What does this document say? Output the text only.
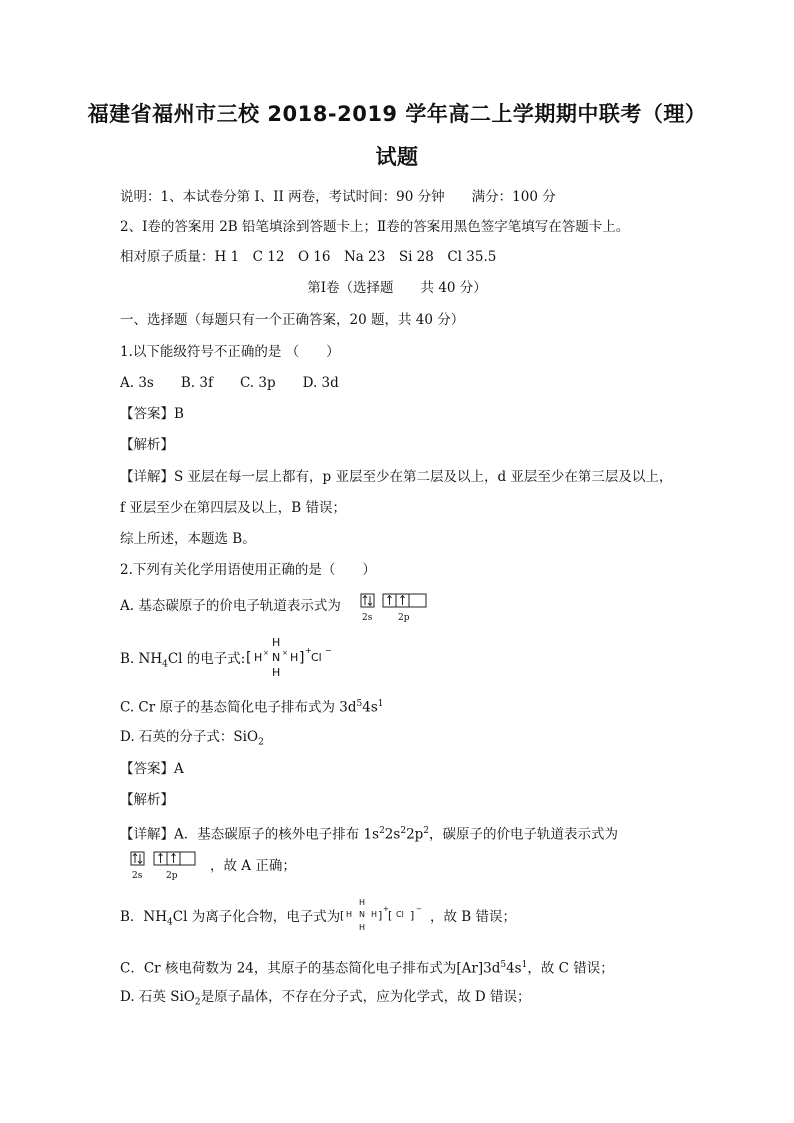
福建省福州市三校 2018-2019 学年高二上学期期中联考（理）
试题
说明：1、本试卷分第 I、II 两卷，考试时间：90 分钟　　满分：100 分
2、Ⅰ卷的答案用 2B 铅笔填涂到答题卡上；Ⅱ卷的答案用黑色签字笔填写在答题卡上。
相对原子质量：H 1　C 12　O 16　Na 23　Si 28　Cl 35.5
第Ⅰ卷（选择题　　共 40 分）
一、选择题（每题只有一个正确答案，20 题，共 40 分）
1.以下能级符号不正确的是 （　　）
A. 3s　　B. 3f　　C. 3p　　D. 3d
【答案】B
【解析】
【详解】S 亚层在每一层上都有，p 亚层至少在第二层及以上，d 亚层至少在第三层及以上，
f 亚层至少在第四层及以上，B 错误；
综上所述，本题选 B。
2.下列有关化学用语使用正确的是（　　）
A. 基态碳原子的价电子轨道表示式为
2s	2p
B. $NH_4Cl$ 的电子式: [ H ×
H
N
H
× H ] +
Cl
−
C. Cr 原子的基态简化电子排布式为 $3d^54s^1$
D. 石英的分子式：SiO$_2$
【答案】A
【解析】
【详解】A．基态碳原子的核外电子排布 $1s^22s^22p^2$，碳原子的价电子轨道表示式为
2s	2p
，故 A 正确；
B．$NH_4Cl$ 为离子化合物，电子式为 [ H
H
N
H
H ] + [ Cl ] − ，故 B 错误；
C．Cr 核电荷数为 24，其原子的基态简化电子排布式为$[Ar]3d^54s^1$，故 C 错误；
D. 石英 SiO$_2$是原子晶体，不存在分子式，应为化学式，故 D 错误；
